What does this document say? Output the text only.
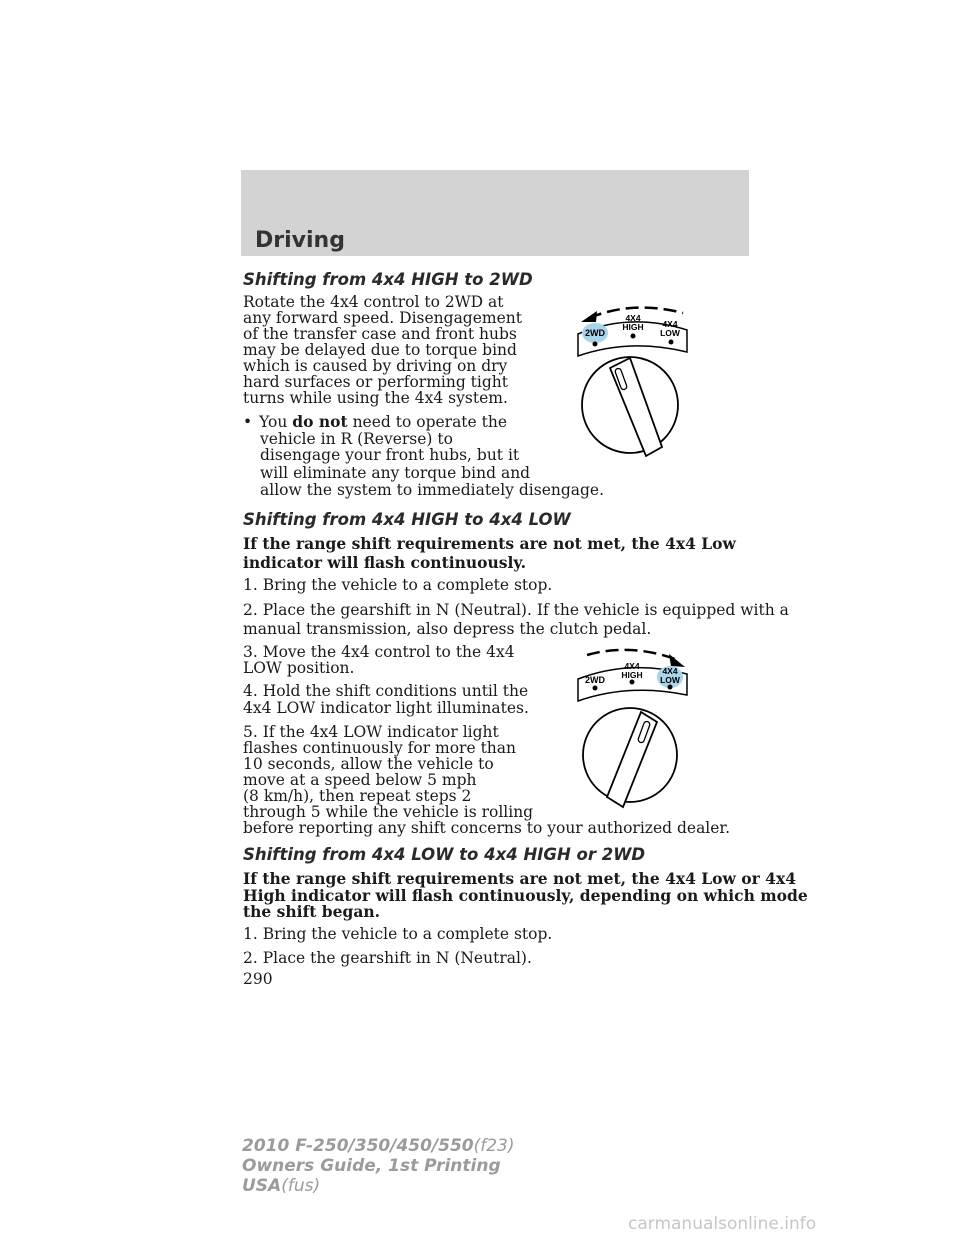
Driving
Shifting from 4x4 HIGH to 2WD
Rotate the 4x4 control to 2WD at
any forward speed. Disengagement
of the transfer case and front hubs
may be delayed due to torque bind
which is caused by driving on dry
hard surfaces or performing tight
turns while using the 4x4 system.
• You do not need to operate the
vehicle in R (Reverse) to
disengage your front hubs, but it
will eliminate any torque bind and
allow the system to immediately disengage.
2WD
4X4
HIGH 4X4
LOW
Shifting from 4x4 HIGH to 4x4 LOW
If the range shift requirements are not met, the 4x4 Low
indicator will flash continuously.
1. Bring the vehicle to a complete stop.
2. Place the gearshift in N (Neutral). If the vehicle is equipped with a
manual transmission, also depress the clutch pedal.
3. Move the 4x4 control to the 4x4
LOW position.
4. Hold the shift conditions until the
4x4 LOW indicator light illuminates.
5. If the 4x4 LOW indicator light
flashes continuously for more than
10 seconds, allow the vehicle to
move at a speed below 5 mph
(8 km/h), then repeat steps 2
through 5 while the vehicle is rolling
before reporting any shift concerns to your authorized dealer.
2WD
4X4
HIGH 4X4
LOW
Shifting from 4x4 LOW to 4x4 HIGH or 2WD
If the range shift requirements are not met, the 4x4 Low or 4x4
High indicator will flash continuously, depending on which mode
the shift began.
1. Bring the vehicle to a complete stop.
2. Place the gearshift in N (Neutral).
290
2010 F-250/350/450/550(f23)
Owners Guide, 1st Printing
USA(fus)
carmanualsonline.info
